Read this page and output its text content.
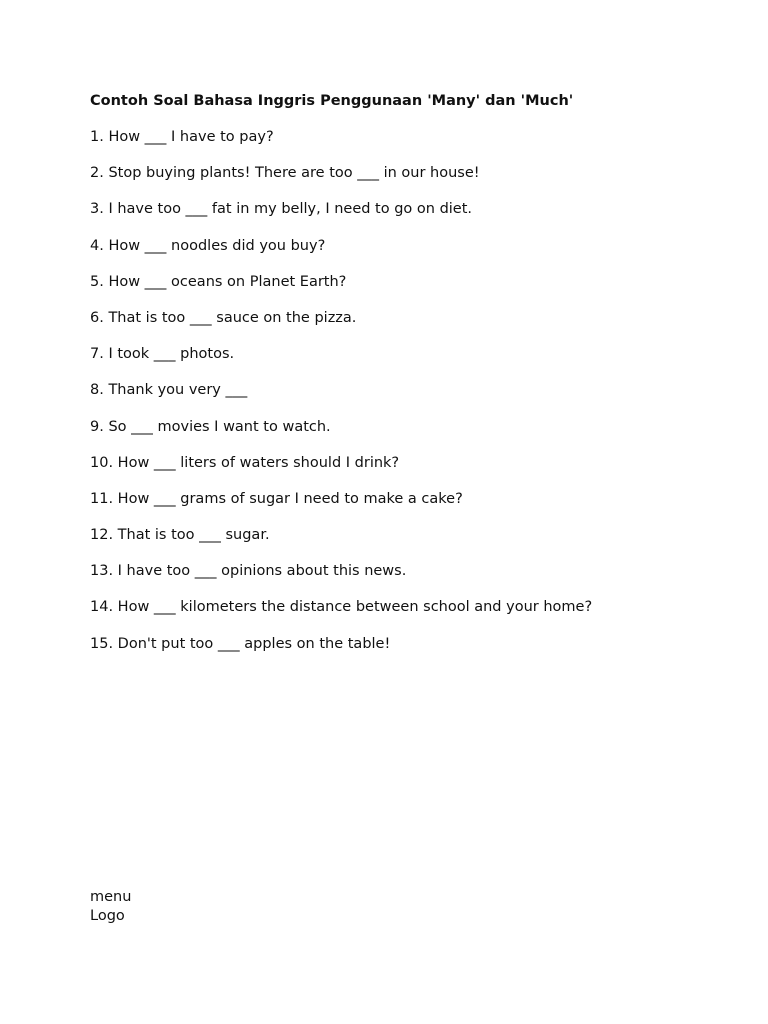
Contoh Soal Bahasa Inggris Penggunaan 'Many' dan 'Much'
1. How ___ I have to pay?
2. Stop buying plants! There are too ___ in our house!
3. I have too ___ fat in my belly, I need to go on diet.
4. How ___ noodles did you buy?
5. How ___ oceans on Planet Earth?
6. That is too ___ sauce on the pizza.
7. I took ___ photos.
8. Thank you very ___
9. So ___ movies I want to watch.
10. How ___ liters of waters should I drink?
11. How ___ grams of sugar I need to make a cake?
12. That is too ___ sugar.
13. I have too ___ opinions about this news.
14. How ___ kilometers the distance between school and your home?
15. Don't put too ___ apples on the table!
menu
Logo
